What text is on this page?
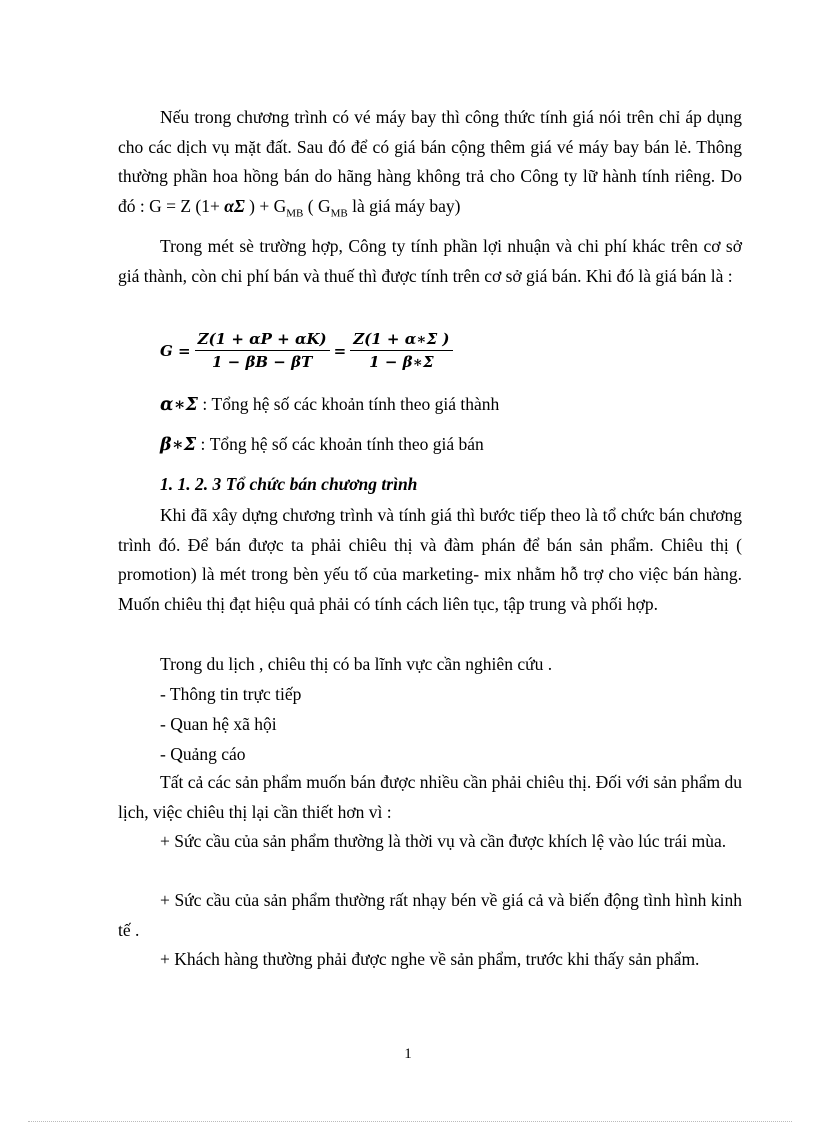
Nếu trong chương trình có vé máy bay thì công thức tính giá nói trên chỉ áp dụng cho các dịch vụ mặt đất. Sau đó để có giá bán cộng thêm giá vé máy bay bán lẻ. Thông thường phần hoa hồng bán do hãng hàng không trả cho Công ty lữ hành tính riêng. Do đó : G = Z (1+ αΣ ) + $G_{MB}$ ( $G_{MB}$ là giá máy bay)

Trong mét sè trường hợp, Công ty tính phần lợi nhuận và chi phí khác trên cơ sở giá thành, còn chi phí bán và thuế thì được tính trên cơ sở giá bán. Khi đó là giá bán là :

$G = \frac{Z(1 + \alpha P + \alpha K)}{1 - \beta B - \beta T} = \frac{Z(1 + \alpha∗\Sigma )}{1 - \beta∗\Sigma}$
α∗Σ : Tổng hệ số các khoản tính theo giá thành
β∗Σ : Tổng hệ số các khoản tính theo giá bán
1. 1. 2. 3 Tổ chức bán chương trình

Khi đã xây dựng chương trình và tính giá thì bước tiếp theo là tổ chức bán chương trình đó. Để bán được ta phải chiêu thị và đàm phán để bán sản phẩm. Chiêu thị ( promotion) là mét trong bèn yếu tố của marketing- mix nhằm hỗ trợ cho việc bán hàng. Muốn chiêu thị đạt hiệu quả phải có tính cách liên tục, tập trung và phối hợp.

Trong du lịch , chiêu thị có ba lĩnh vực cần nghiên cứu .
- Thông tin trực tiếp
- Quan hệ xã hội
- Quảng cáo

Tất cả các sản phẩm muốn bán được nhiều cần phải chiêu thị. Đối với sản phẩm du lịch, việc chiêu thị lại cần thiết hơn vì :

+ Sức cầu của sản phẩm thường là thời vụ và cần được khích lệ vào lúc trái mùa.

+ Sức cầu của sản phẩm thường rất nhạy bén về giá cả và biến động tình hình kinh tế .

+ Khách hàng thường phải được nghe về sản phẩm, trước khi thấy sản phẩm.

1
